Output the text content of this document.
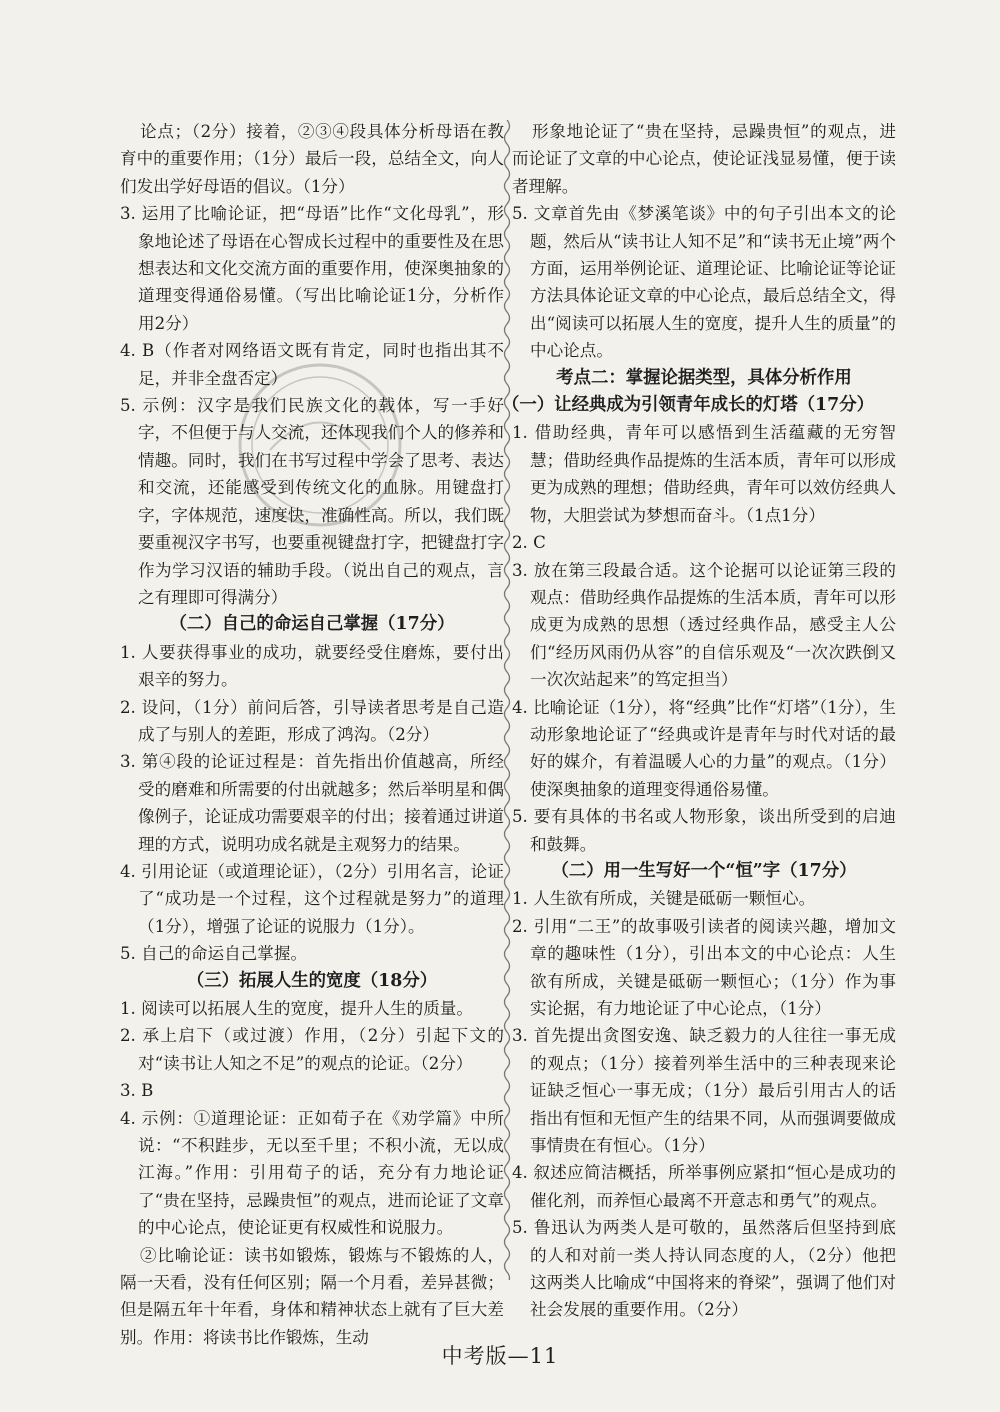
论点；（2分）接着，②③④段具体分析母语在教育中的重要作用；（1分）最后一段，总结全文，向人们发出学好母语的倡议。（1分）

3. 运用了比喻论证，把“母语”比作“文化母乳”，形象地论述了母语在心智成长过程中的重要性及在思想表达和文化交流方面的重要作用，使深奥抽象的道理变得通俗易懂。（写出比喻论证1分，分析作用2分）

4. B（作者对网络语文既有肯定，同时也指出其不足，并非全盘否定）

5. 示例：汉字是我们民族文化的载体，写一手好字，不但便于与人交流，还体现我们个人的修养和情趣。同时，我们在书写过程中学会了思考、表达和交流，还能感受到传统文化的血脉。用键盘打字，字体规范，速度快，准确性高。所以，我们既要重视汉字书写，也要重视键盘打字，把键盘打字作为学习汉语的辅助手段。（说出自己的观点，言之有理即可得满分）

（二）自己的命运自己掌握（17分）

1. 人要获得事业的成功，就要经受住磨炼，要付出艰辛的努力。

2. 设问，（1分）前问后答，引导读者思考是自己造成了与别人的差距，形成了鸿沟。（2分）

3. 第④段的论证过程是：首先指出价值越高，所经受的磨难和所需要的付出就越多；然后举明星和偶像例子，论证成功需要艰辛的付出；接着通过讲道理的方式，说明功成名就是主观努力的结果。

4. 引用论证（或道理论证），（2分）引用名言，论证了“成功是一个过程，这个过程就是努力”的道理（1分），增强了论证的说服力（1分）。

5. 自己的命运自己掌握。

（三）拓展人生的宽度（18分）

1. 阅读可以拓展人生的宽度，提升人生的质量。

2. 承上启下（或过渡）作用，（2分）引起下文的对“读书让人知之不足”的观点的论证。（2分）

3. B

4. 示例：①道理论证：正如荀子在《劝学篇》中所说：“不积跬步，无以至千里；不积小流，无以成江海。”作用：引用荀子的话，充分有力地论证了“贵在坚持，忌躁贵恒”的观点，进而论证了文章的中心论点，使论证更有权威性和说服力。

②比喻论证：读书如锻炼，锻炼与不锻炼的人，隔一天看，没有任何区别；隔一个月看，差异甚微；但是隔五年十年看，身体和精神状态上就有了巨大差别。作用：将读书比作锻炼，生动

形象地论证了“贵在坚持，忌躁贵恒”的观点，进而论证了文章的中心论点，使论证浅显易懂，便于读者理解。

5. 文章首先由《梦溪笔谈》中的句子引出本文的论题，然后从“读书让人知不足”和“读书无止境”两个方面，运用举例论证、道理论证、比喻论证等论证方法具体论证文章的中心论点，最后总结全文，得出“阅读可以拓展人生的宽度，提升人生的质量”的中心论点。

考点二：掌握论据类型，具体分析作用

（一）让经典成为引领青年成长的灯塔（17分）

1. 借助经典，青年可以感悟到生活蕴藏的无穷智慧；借助经典作品提炼的生活本质，青年可以形成更为成熟的理想；借助经典，青年可以效仿经典人物，大胆尝试为梦想而奋斗。（1点1分）

2. C

3. 放在第三段最合适。这个论据可以论证第三段的观点：借助经典作品提炼的生活本质，青年可以形成更为成熟的思想（透过经典作品，感受主人公们“经历风雨仍从容”的自信乐观及“一次次跌倒又一次次站起来”的笃定担当）

4. 比喻论证（1分），将“经典”比作“灯塔”（1分），生动形象地论证了“经典或许是青年与时代对话的最好的媒介，有着温暖人心的力量”的观点。（1分）使深奥抽象的道理变得通俗易懂。

5. 要有具体的书名或人物形象，谈出所受到的启迪和鼓舞。

（二）用一生写好一个“恒”字（17分）

1. 人生欲有所成，关键是砥砺一颗恒心。

2. 引用“二王”的故事吸引读者的阅读兴趣，增加文章的趣味性（1分），引出本文的中心论点：人生欲有所成，关键是砥砺一颗恒心；（1分）作为事实论据，有力地论证了中心论点，（1分）

3. 首先提出贪图安逸、缺乏毅力的人往往一事无成的观点；（1分）接着列举生活中的三种表现来论证缺乏恒心一事无成；（1分）最后引用古人的话指出有恒和无恒产生的结果不同，从而强调要做成事情贵在有恒心。（1分）

4. 叙述应简洁概括，所举事例应紧扣“恒心是成功的催化剂，而养恒心最离不开意志和勇气”的观点。

5. 鲁迅认为两类人是可敬的，虽然落后但坚持到底的人和对前一类人持认同态度的人，（2分）他把这两类人比喻成“中国将来的脊梁”，强调了他们对社会发展的重要作用。（2分）

中考版—11
